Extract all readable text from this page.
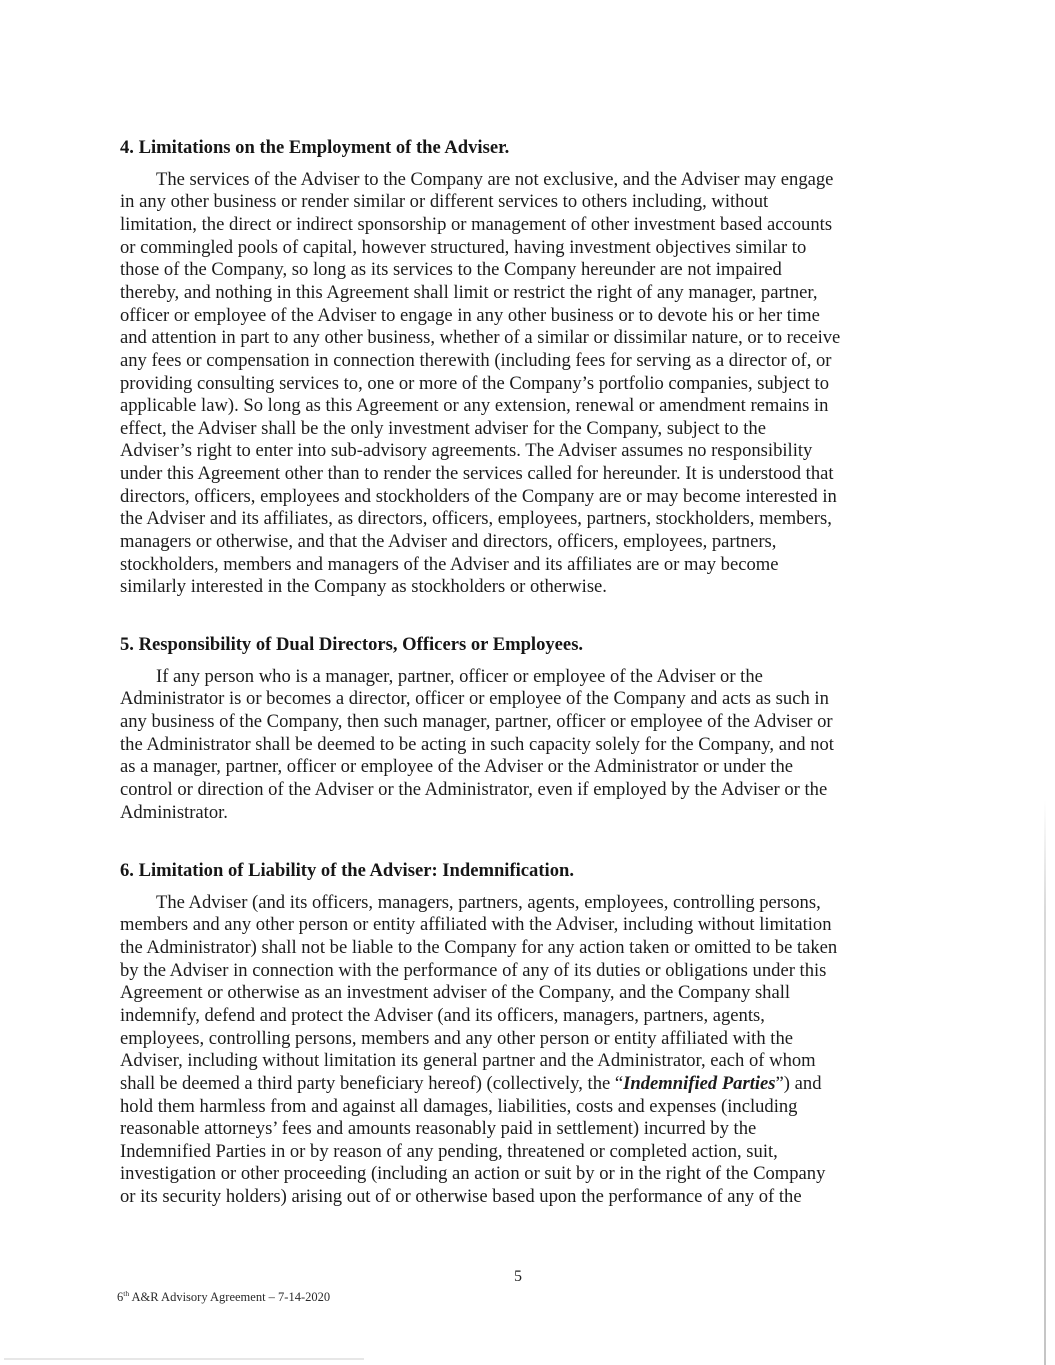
4. Limitations on the Employment of the Adviser.

The services of the Adviser to the Company are not exclusive, and the Adviser may engage
in any other business or render similar or different services to others including, without
limitation, the direct or indirect sponsorship or management of other investment based accounts
or commingled pools of capital, however structured, having investment objectives similar to
those of the Company, so long as its services to the Company hereunder are not impaired
thereby, and nothing in this Agreement shall limit or restrict the right of any manager, partner,
officer or employee of the Adviser to engage in any other business or to devote his or her time
and attention in part to any other business, whether of a similar or dissimilar nature, or to receive
any fees or compensation in connection therewith (including fees for serving as a director of, or
providing consulting services to, one or more of the Company’s portfolio companies, subject to
applicable law). So long as this Agreement or any extension, renewal or amendment remains in
effect, the Adviser shall be the only investment adviser for the Company, subject to the
Adviser’s right to enter into sub-advisory agreements. The Adviser assumes no responsibility
under this Agreement other than to render the services called for hereunder. It is understood that
directors, officers, employees and stockholders of the Company are or may become interested in
the Adviser and its affiliates, as directors, officers, employees, partners, stockholders, members,
managers or otherwise, and that the Adviser and directors, officers, employees, partners,
stockholders, members and managers of the Adviser and its affiliates are or may become
similarly interested in the Company as stockholders or otherwise.

5. Responsibility of Dual Directors, Officers or Employees.

If any person who is a manager, partner, officer or employee of the Adviser or the
Administrator is or becomes a director, officer or employee of the Company and acts as such in
any business of the Company, then such manager, partner, officer or employee of the Adviser or
the Administrator shall be deemed to be acting in such capacity solely for the Company, and not
as a manager, partner, officer or employee of the Adviser or the Administrator or under the
control or direction of the Adviser or the Administrator, even if employed by the Adviser or the
Administrator.

6. Limitation of Liability of the Adviser: Indemnification.

The Adviser (and its officers, managers, partners, agents, employees, controlling persons,
members and any other person or entity affiliated with the Adviser, including without limitation
the Administrator) shall not be liable to the Company for any action taken or omitted to be taken
by the Adviser in connection with the performance of any of its duties or obligations under this
Agreement or otherwise as an investment adviser of the Company, and the Company shall
indemnify, defend and protect the Adviser (and its officers, managers, partners, agents,
employees, controlling persons, members and any other person or entity affiliated with the
Adviser, including without limitation its general partner and the Administrator, each of whom
shall be deemed a third party beneficiary hereof) (collectively, the “Indemnified Parties”) and
hold them harmless from and against all damages, liabilities, costs and expenses (including
reasonable attorneys’ fees and amounts reasonably paid in settlement) incurred by the
Indemnified Parties in or by reason of any pending, threatened or completed action, suit,
investigation or other proceeding (including an action or suit by or in the right of the Company
or its security holders) arising out of or otherwise based upon the performance of any of the

5
6th A&R Advisory Agreement – 7-14-2020
